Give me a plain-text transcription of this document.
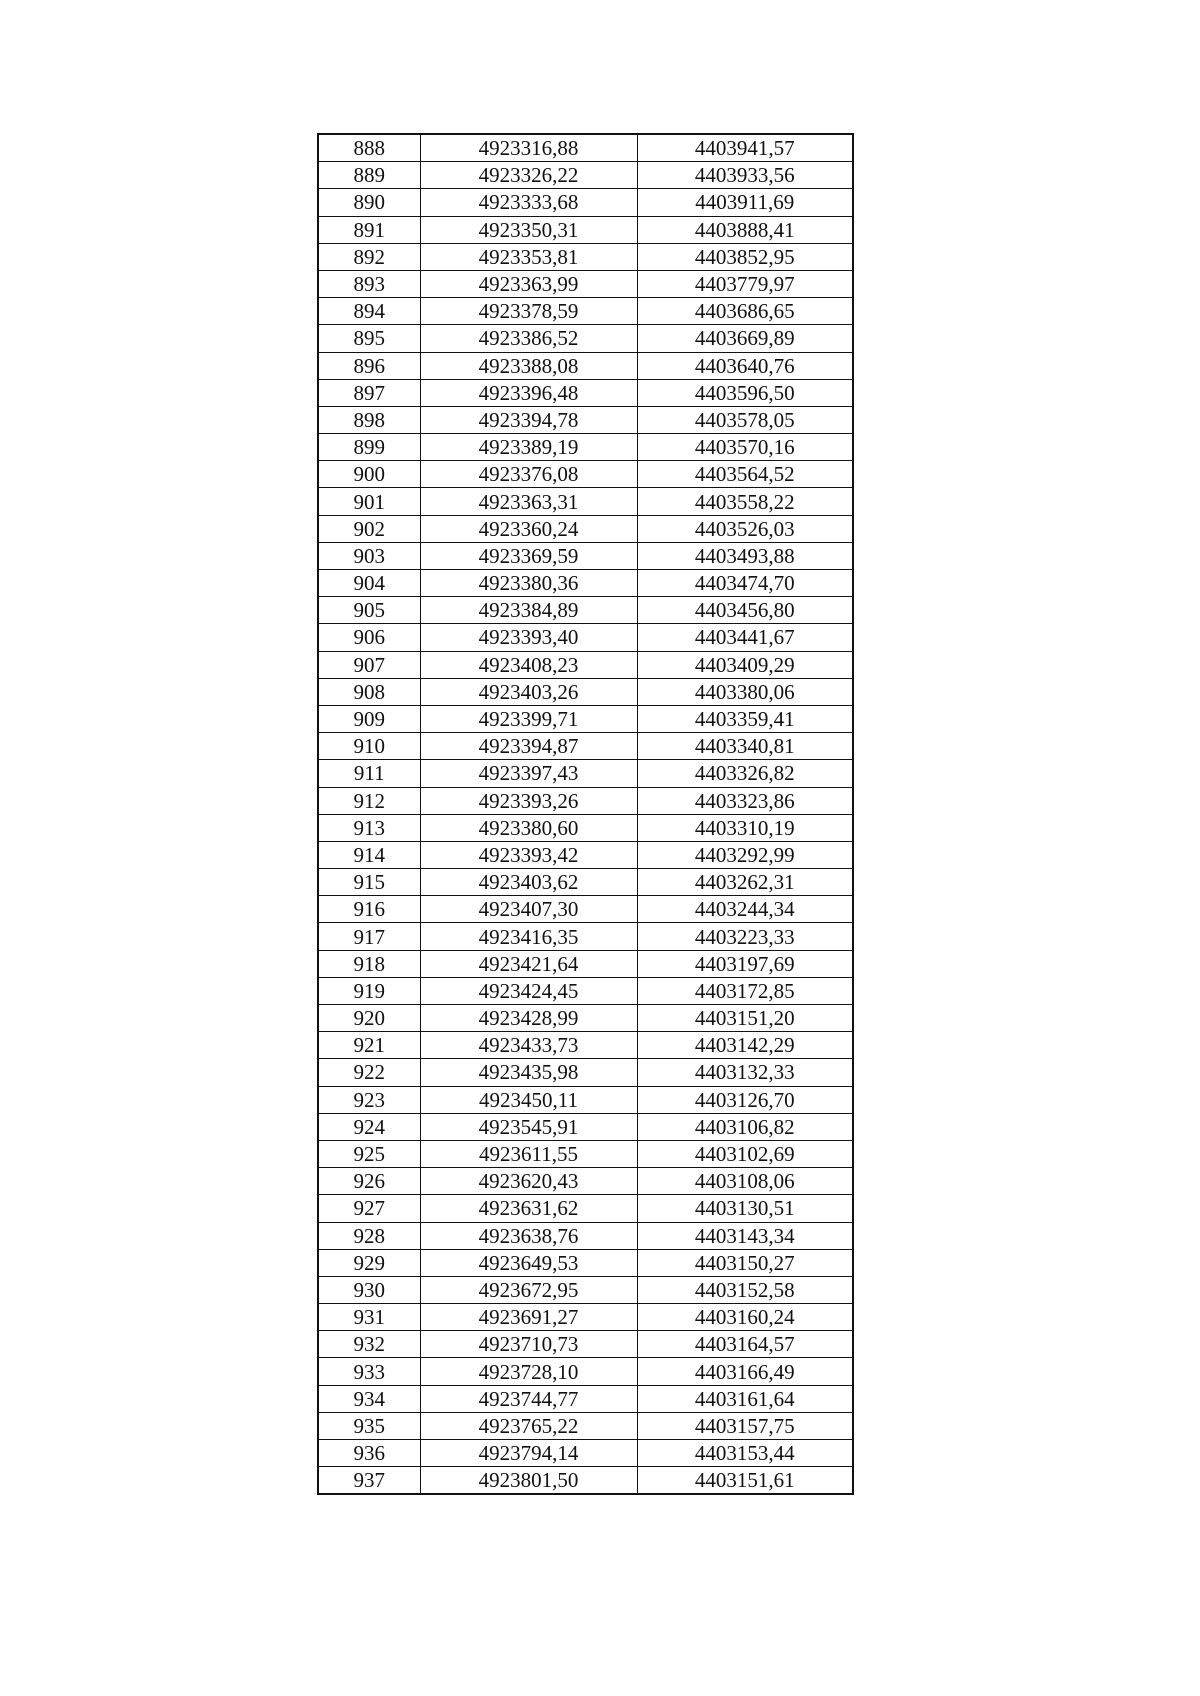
888	4923316,88	4403941,57
889	4923326,22	4403933,56
890	4923333,68	4403911,69
891	4923350,31	4403888,41
892	4923353,81	4403852,95
893	4923363,99	4403779,97
894	4923378,59	4403686,65
895	4923386,52	4403669,89
896	4923388,08	4403640,76
897	4923396,48	4403596,50
898	4923394,78	4403578,05
899	4923389,19	4403570,16
900	4923376,08	4403564,52
901	4923363,31	4403558,22
902	4923360,24	4403526,03
903	4923369,59	4403493,88
904	4923380,36	4403474,70
905	4923384,89	4403456,80
906	4923393,40	4403441,67
907	4923408,23	4403409,29
908	4923403,26	4403380,06
909	4923399,71	4403359,41
910	4923394,87	4403340,81
911	4923397,43	4403326,82
912	4923393,26	4403323,86
913	4923380,60	4403310,19
914	4923393,42	4403292,99
915	4923403,62	4403262,31
916	4923407,30	4403244,34
917	4923416,35	4403223,33
918	4923421,64	4403197,69
919	4923424,45	4403172,85
920	4923428,99	4403151,20
921	4923433,73	4403142,29
922	4923435,98	4403132,33
923	4923450,11	4403126,70
924	4923545,91	4403106,82
925	4923611,55	4403102,69
926	4923620,43	4403108,06
927	4923631,62	4403130,51
928	4923638,76	4403143,34
929	4923649,53	4403150,27
930	4923672,95	4403152,58
931	4923691,27	4403160,24
932	4923710,73	4403164,57
933	4923728,10	4403166,49
934	4923744,77	4403161,64
935	4923765,22	4403157,75
936	4923794,14	4403153,44
937	4923801,50	4403151,61
